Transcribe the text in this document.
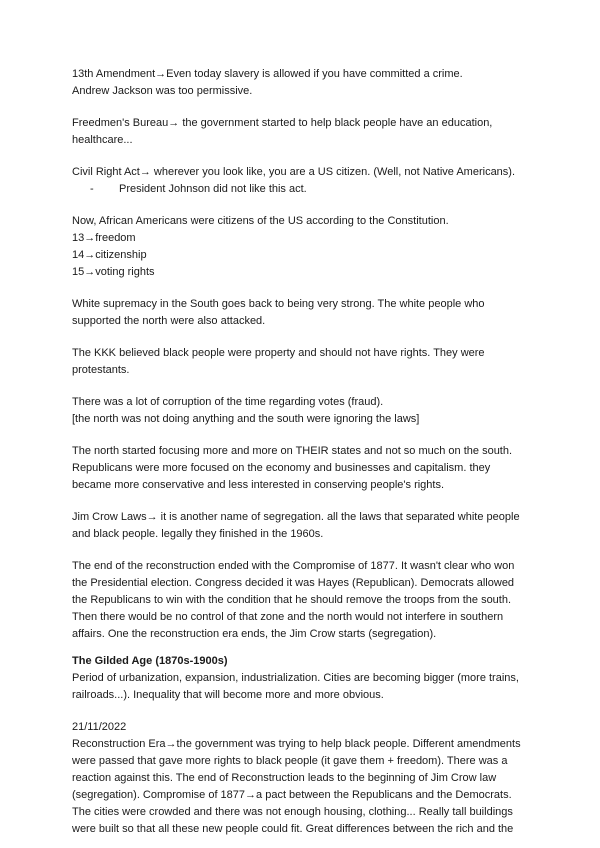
13th Amendment→Even today slavery is allowed if you have committed a crime.

Andrew Jackson was too permissive.

Freedmen's Bureau→ the government started to help black people have an education, healthcare...

Civil Right Act→ wherever you look like, you are a US citizen. (Well, not Native Americans).

-	President Johnson did not like this act.

Now, African Americans were citizens of the US according to the Constitution.

13→freedom

14→citizenship

15→voting rights

White supremacy in the South goes back to being very strong. The white people who supported the north were also attacked.

The KKK believed black people were property and should not have rights. They were protestants.

There was a lot of corruption of the time regarding votes (fraud).

[the north was not doing anything and the south were ignoring the laws]

The north started focusing more and more on THEIR states and not so much on the south. Republicans were more focused on the economy and businesses and capitalism. they became more conservative and less interested in conserving people's rights.

Jim Crow Laws→ it is another name of segregation. all the laws that separated white people and black people. legally they finished in the 1960s.

The end of the reconstruction ended with the Compromise of 1877. It wasn't clear who won the Presidential election. Congress decided it was Hayes (Republican). Democrats allowed the Republicans to win with the condition that he should remove the troops from the south. Then there would be no control of that zone and the north would not interfere in southern affairs. One the reconstruction era ends, the Jim Crow starts (segregation).

The Gilded Age (1870s-1900s)

Period of urbanization, expansion, industrialization. Cities are becoming bigger (more trains, railroads...). Inequality that will become more and more obvious.

21/11/2022

Reconstruction Era→the government was trying to help black people. Different amendments were passed that gave more rights to black people (it gave them + freedom). There was a reaction against this. The end of Reconstruction leads to the beginning of Jim Crow law (segregation). Compromise of 1877→a pact between the Republicans and the Democrats. The cities were crowded and there was not enough housing, clothing... Really tall buildings were built so that all these new people could fit. Great differences between the rich and the
